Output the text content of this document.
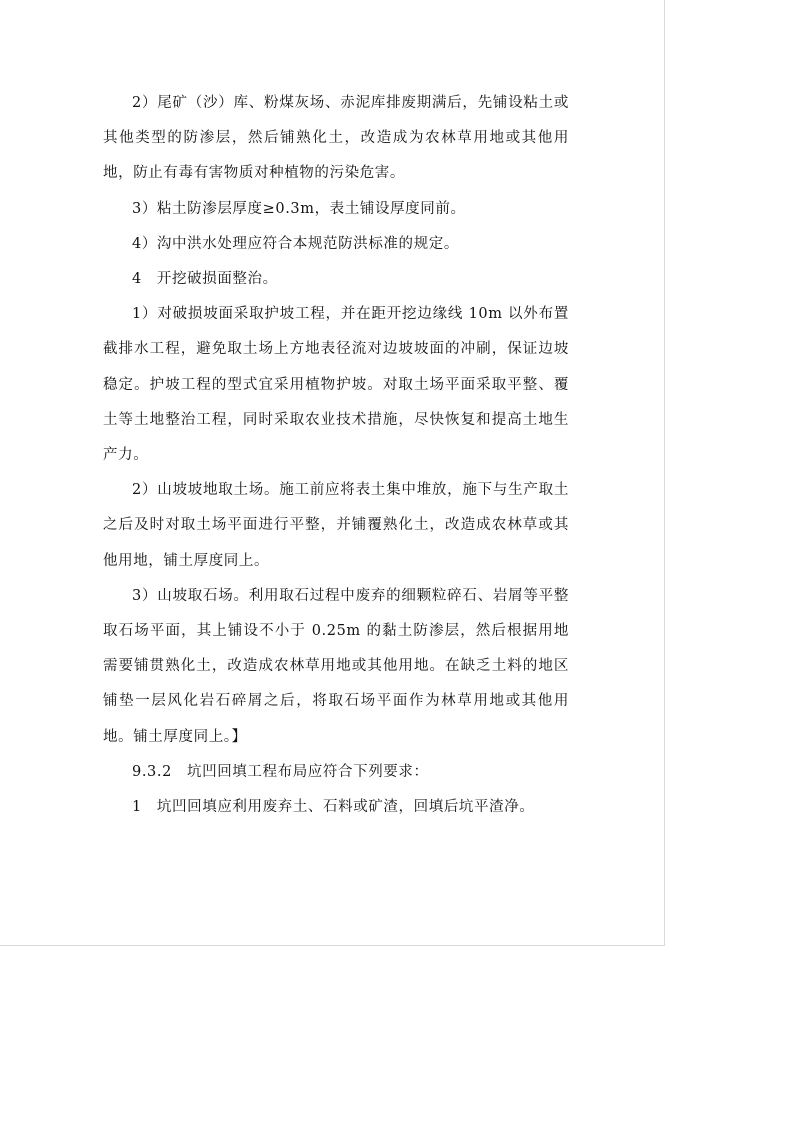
2）尾矿（沙）库、粉煤灰场、赤泥库排废期满后，先铺设粘土或其他类型的防渗层，然后铺熟化土，改造成为农林草用地或其他用地，防止有毒有害物质对种植物的污染危害。

3）粘土防渗层厚度≥0.3m，表土铺设厚度同前。

4）沟中洪水处理应符合本规范防洪标准的规定。

4　开挖破损面整治。

1）对破损坡面采取护坡工程，并在距开挖边缘线 10m 以外布置截排水工程，避免取土场上方地表径流对边坡坡面的冲刷，保证边坡稳定。护坡工程的型式宜采用植物护坡。对取土场平面采取平整、覆土等土地整治工程，同时采取农业技术措施，尽快恢复和提高土地生产力。

2）山坡坡地取土场。施工前应将表土集中堆放，施下与生产取土之后及时对取土场平面进行平整，并铺覆熟化土，改造成农林草或其他用地，铺土厚度同上。

3）山坡取石场。利用取石过程中废弃的细颗粒碎石、岩屑等平整取石场平面，其上铺设不小于 0.25m 的黏土防渗层，然后根据用地需要铺贯熟化土，改造成农林草用地或其他用地。在缺乏土料的地区铺垫一层风化岩石碎屑之后，将取石场平面作为林草用地或其他用地。铺土厚度同上。】

9.3.2　坑凹回填工程布局应符合下列要求：

1　坑凹回填应利用废弃土、石料或矿渣，回填后坑平渣净。
